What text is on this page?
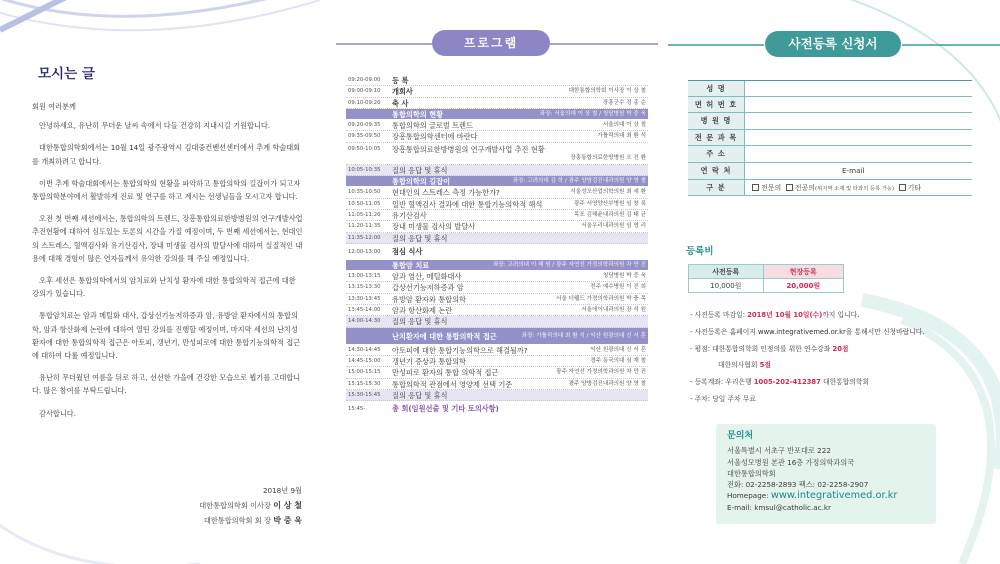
모시는 글

회원 여러분께

안녕하세요, 유난히 무더운 날씨 속에서 다들 건강히 지내시길 기원합니다.

대한통합의학회에서는 10월 14일 광주광역시 김대중컨벤션센터에서 추계 학술대회를 개최하려고 합니다.

이번 추계 학술대회에서는 통합의학의 현황을 파악하고 통합의학의 길잡이가 되고자 통합의학분야에서 활발하게 진료 및 연구를 하고 계시는 선생님들을 모시고자 합니다.

오전 첫 번째 세션에서는, 통합의학의 트렌드, 장흥통합의료한방병원의 연구개발사업 추진현황에 대하여 심도있는 토론의 시간을 가질 예정이며, 두 번째 세션에서는, 현대인의 스트레스, 혈액검사와 유기산검사, 장내 미생물 검사의 발달사에 대하여 실질적인 내용에 대해 경험이 많은 연자들께서 유익한 강의를 해 주실 예정입니다.

오후 세션은 통합의학에서의 암치료와 난치성 환자에 대한 통합의학적 접근에 대한 강의가 있습니다.

통합암치료는 암과 메틸화 대사, 갑상선기능저하증과 암, 유방암 환자에서의 통합의학, 암과 항산화제 논란에 대하여 열띤 강의를 진행할 예정이며, 마지막 세션의 난치성 환자에 대한 통합의학적 접근은 아토피, 갱년기, 만성피로에 대한 통합기능의학적 접근에 대하여 다룰 예정입니다.

유난히 무더웠던 여름을 뒤로 하고, 선선한 가을에 건강한 모습으로 뵙기를 고대합니다. 많은 참여를 부탁드립니다.

감사합니다.

2018년 9월
대한통합의학회 이사장 이 상 철
대한통합의학회 회 장 박 중 욱
프로그램
09:20-09:00 등 록
09:00-09:10 개회사	대한통합의학회 이사장 이 상 철
09:10-09:20 축 사	장흥군수 정 종 순
통합의학의 현황	좌장: 서울의대 이 상 철 / 청담병원 박 중 욱
09:20-09:35 통합의학의 글로벌 트렌드	서울의대 이 상 철
09:35-09:50 장흥통합의학센터에 바란다	가톨릭의대 최 환 석
09:50-10:05 장흥통합의료한방병원의 연구개발사업 추진 현황
장흥통합의료한방병원 오 진 환
10:05-10:35 질의 응답 및 휴식
통합의학의 길잡이	좌장: 고려의대 김 학 / 광주 양방검진내과의원 양 영 철
10:35-10:50 현대인의 스트레스 측정 가능한가?	서울성모산업의학의원 최 세 환
10:50-11:05 일반 혈액검사 결과에 대한 통합기능의학적 해석	광주 서영양산부병원 임 창 록
11:05-11:20 유기산검사	목포 김해윤내과의원 김 태 균
11:20-11:35 장내 미생물 검사의 발달사	서울우리내과의원 임 영 리
11:35-12:00 질의 응답 및 휴식
12:00-13:00 점심 식사
통합암 치료	좌장: 고려의대 이 해 원 / 광주 자연선 가정의학과의원 차 만 진
13:00-13:15 암과 염산, 메틸화대사	청담병원 박 중 욱
13:15-13:30 갑상선기능저하증과 암	전주 예수병원 이 진 희
13:30-13:45 유방암 환자와 통합의학	서울 더웰드 가정의학과의원 박 충 목
13:45-14:00 암과 항산화제 논란	서울에이내과의원 장 석 원
14:00-14:30 질의 응답 및 휴식
난치환자에 대한 통합의학적 접근	좌장: 가톨릭의대 최 환 석 / 익산 원광의대 신 서 혼
14:30-14:45 아토피에 대한 통합기능의학으로 해결될까?	익산 원광의대 신 서 혼
14:45-15:00 갱년기 증상과 통합의학	경주 동국의대 심 재 철
15:00-15:15 만성피로 환자의 통합 의학적 접근	광주 자연선 가정의학과의원 차 만 진
15:15-15:30 통합의학적 관점에서 영양제 선택 기준	광주 양방검진내과의원 양 영 철
15:30-15:45 질의 응답 및 휴식
15:45-	총 회(임원선출 및 기타 토의사항)
사전등록 신청서
성 명
면 허 번 호
병 원 명
전 문 과 목
주 소
연 락 처	E-mail
구 분	전문의 전공의(위지역 소재 및 타과의 등록 가능) 기타
등록비
사전등록	현장등록
10,000원	20,000원
- 사전등록 마감일: 2018년 10월 10일(수)까지 입니다.
- 사전등록은 홈페이지 www.integrativemed.or.kr을 통해서만 신청바랍니다.
- 평점: 대한통합의학회 인정의를 위한 연수강좌 20점
대한의사협회 5점
- 등록계좌: 우리은행 1005-202-412387 대한통합의학회
- 주차: 당일 주차 무료
문의처
서울특별시 서초구 반포대로 222
서울성모병원 본관 16층 가정의학과의국
대한통합의학회
전화: 02-2258-2893 팩스: 02-2258-2907
Homepage: www.integrativemed.or.kr
E-mail: kmsul@catholic.ac.kr
